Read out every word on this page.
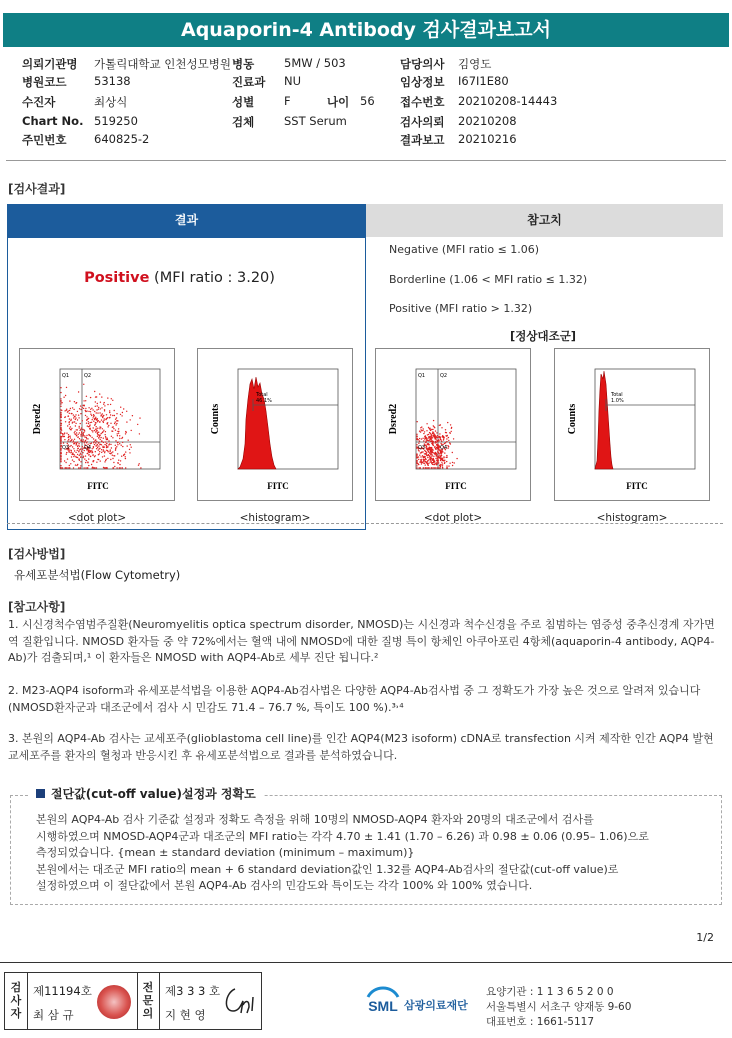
Aquaporin-4 Antibody 검사결과보고서
의뢰기관명 가톨릭대학교 인천성모병원 병동	5MW / 503	담당의사 김영도
병원코드 53138	진료과 NU	임상정보 I67I1E80
수진자	최상식	성별	F	나이 56 접수번호 20210208-14443
Chart No. 519250	검체	SST Serum	검사의뢰 20210208
주민번호 640825-2	결과보고 20210216
[검사결과]
결과	참고치
Positive (MFI ratio : 3.20)
Negative (MFI ratio ≤ 1.06)
Borderline (1.06 < MFI ratio ≤ 1.32)
Positive (MFI ratio > 1.32)
[정상대조군]
Q1	Q2
Q3	Q4
Dsred2
FITC
<dot plot>
Total
46.1%
Counts
FITC
<histogram>
Q1	Q2
Q3	Q4
Dsred2
FITC
<dot plot>
Total
1.0%
Counts
FITC
<histogram>
[검사방법]
유세포분석법(Flow Cytometry)
[참고사항]
1. 시신경척수염범주질환(Neuromyelitis optica spectrum disorder, NMOSD)는 시신경과 척수신경을 주로 침범하는 염증성 중추신경계 자가면역 질환입니다. NMOSD 환자들 중 약 72%에서는 혈액 내에 NMOSD에 대한 질병 특이 항체인 아쿠아포린 4항체(aquaporin-4 antibody, AQP4-Ab)가 검출되며,¹ 이 환자들은 NMOSD with AQP4-Ab로 세부 진단 됩니다.²
2. M23-AQP4 isoform과 유세포분석법을 이용한 AQP4-Ab검사법은 다양한 AQP4-Ab검사법 중 그 정확도가 가장 높은 것으로 알려져 있습니다(NMOSD환자군과 대조군에서 검사 시 민감도 71.4 – 76.7 %, 특이도 100 %).³˒⁴
3. 본원의 AQP4-Ab 검사는 교세포주(glioblastoma cell line)를 인간 AQP4(M23 isoform) cDNA로 transfection 시켜 제작한 인간 AQP4 발현 교세포주를 환자의 혈청과 반응시킨 후 유세포분석법으로 결과를 분석하였습니다.
절단값(cut-off value)설정과 정확도
본원의 AQP4-Ab 검사 기준값 설정과 정확도 측정을 위해 10명의 NMOSD-AQP4 환자와 20명의 대조군에서 검사를
시행하였으며 NMOSD-AQP4군과 대조군의 MFI ratio는 각각 4.70 ± 1.41 (1.70 – 6.26) 과 0.98 ± 0.06 (0.95– 1.06)으로
측정되었습니다. {mean ± standard deviation (minimum – maximum)}
본원에서는 대조군 MFI ratio의 mean + 6 standard deviation값인 1.32를 AQP4-Ab검사의 절단값(cut-off value)로
설정하였으며 이 절단값에서 본원 AQP4-Ab 검사의 민감도와 특이도는 각각 100% 와 100% 였습니다.
1/2
검사자
전문의
제11194호
최 삼 규
제3 3 3 호
지 현 영
SML 삼광의료재단
요양기관 : 1 1 3 6 5 2 0 0
서울특별시 서초구 양재동 9-60
대표번호 : 1661-5117
